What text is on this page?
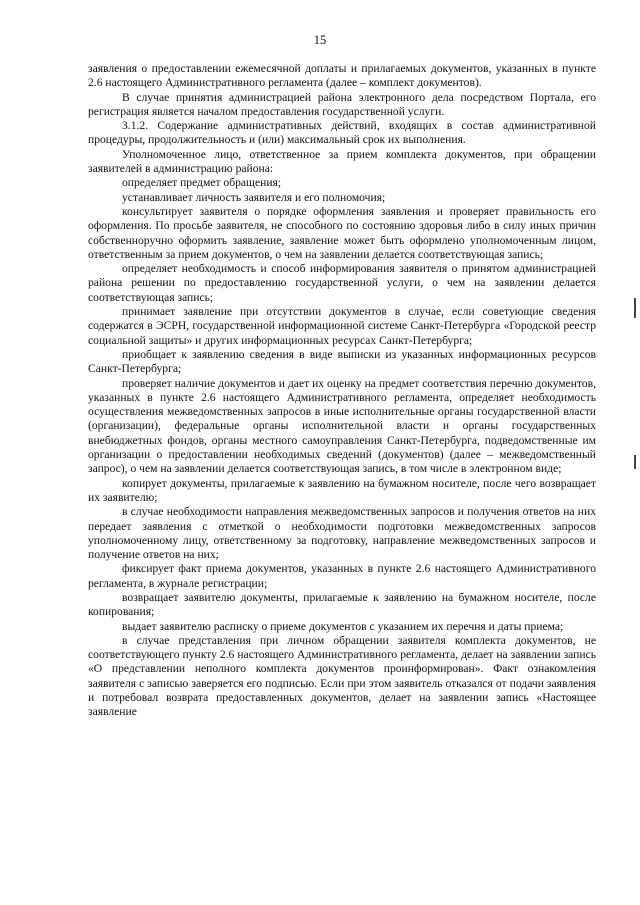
15

заявления о предоставлении ежемесячной доплаты и прилагаемых документов, указанных в пункте 2.6 настоящего Административного регламента (далее – комплект документов).

В случае принятия администрацией района электронного дела посредством Портала, его регистрация является началом предоставления государственной услуги.

3.1.2. Содержание административных действий, входящих в состав административной процедуры, продолжительность и (или) максимальный срок их выполнения.

Уполномоченное лицо, ответственное за прием комплекта документов, при обращении заявителей в администрацию района:

определяет предмет обращения;

устанавливает личность заявителя и его полномочия;

консультирует заявителя о порядке оформления заявления и проверяет правильность его оформления. По просьбе заявителя, не способного по состоянию здоровья либо в силу иных причин собственноручно оформить заявление, заявление может быть оформлено уполномоченным лицом, ответственным за прием документов, о чем на заявлении делается соответствующая запись;

определяет необходимость и способ информирования заявителя о принятом администрацией района решении по предоставлению государственной услуги, о чем на заявлении делается соответствующая запись;

принимает заявление при отсутствии документов в случае, если советующие сведения содержатся в ЭСРН, государственной информационной системе Санкт-Петербурга «Городской реестр социальной защиты» и других информационных ресурсах Санкт-Петербурга;

приобщает к заявлению сведения в виде выписки из указанных информационных ресурсов Санкт-Петербурга;

проверяет наличие документов и дает их оценку на предмет соответствия перечню документов, указанных в пункте 2.6 настоящего Административного регламента, определяет необходимость осуществления межведомственных запросов в иные исполнительные органы государственной власти (организации), федеральные органы исполнительной власти и органы государственных внебюджетных фондов, органы местного самоуправления Санкт-Петербурга, подведомственные им организации о предоставлении необходимых сведений (документов) (далее – межведомственный запрос), о чем на заявлении делается соответствующая запись, в том числе в электронном виде;

копирует документы, прилагаемые к заявлению на бумажном носителе, после чего возвращает их заявителю;

в случае необходимости направления межведомственных запросов и получения ответов на них передает заявления с отметкой о необходимости подготовки межведомственных запросов уполномоченному лицу, ответственному за подготовку, направление межведомственных запросов и получение ответов на них;

фиксирует факт приема документов, указанных в пункте 2.6 настоящего Административного регламента, в журнале регистрации;

возвращает заявителю документы, прилагаемые к заявлению на бумажном носителе, после копирования;

выдает заявителю расписку о приеме документов с указанием их перечня и даты приема;

в случае представления при личном обращении заявителя комплекта документов, не соответствующего пункту 2.6 настоящего Административного регламента, делает на заявлении запись «О представлении неполного комплекта документов проинформирован». Факт ознакомления заявителя с записью заверяется его подписью. Если при этом заявитель отказался от подачи заявления и потребовал возврата предоставленных документов, делает на заявлении запись «Настоящее заявление
